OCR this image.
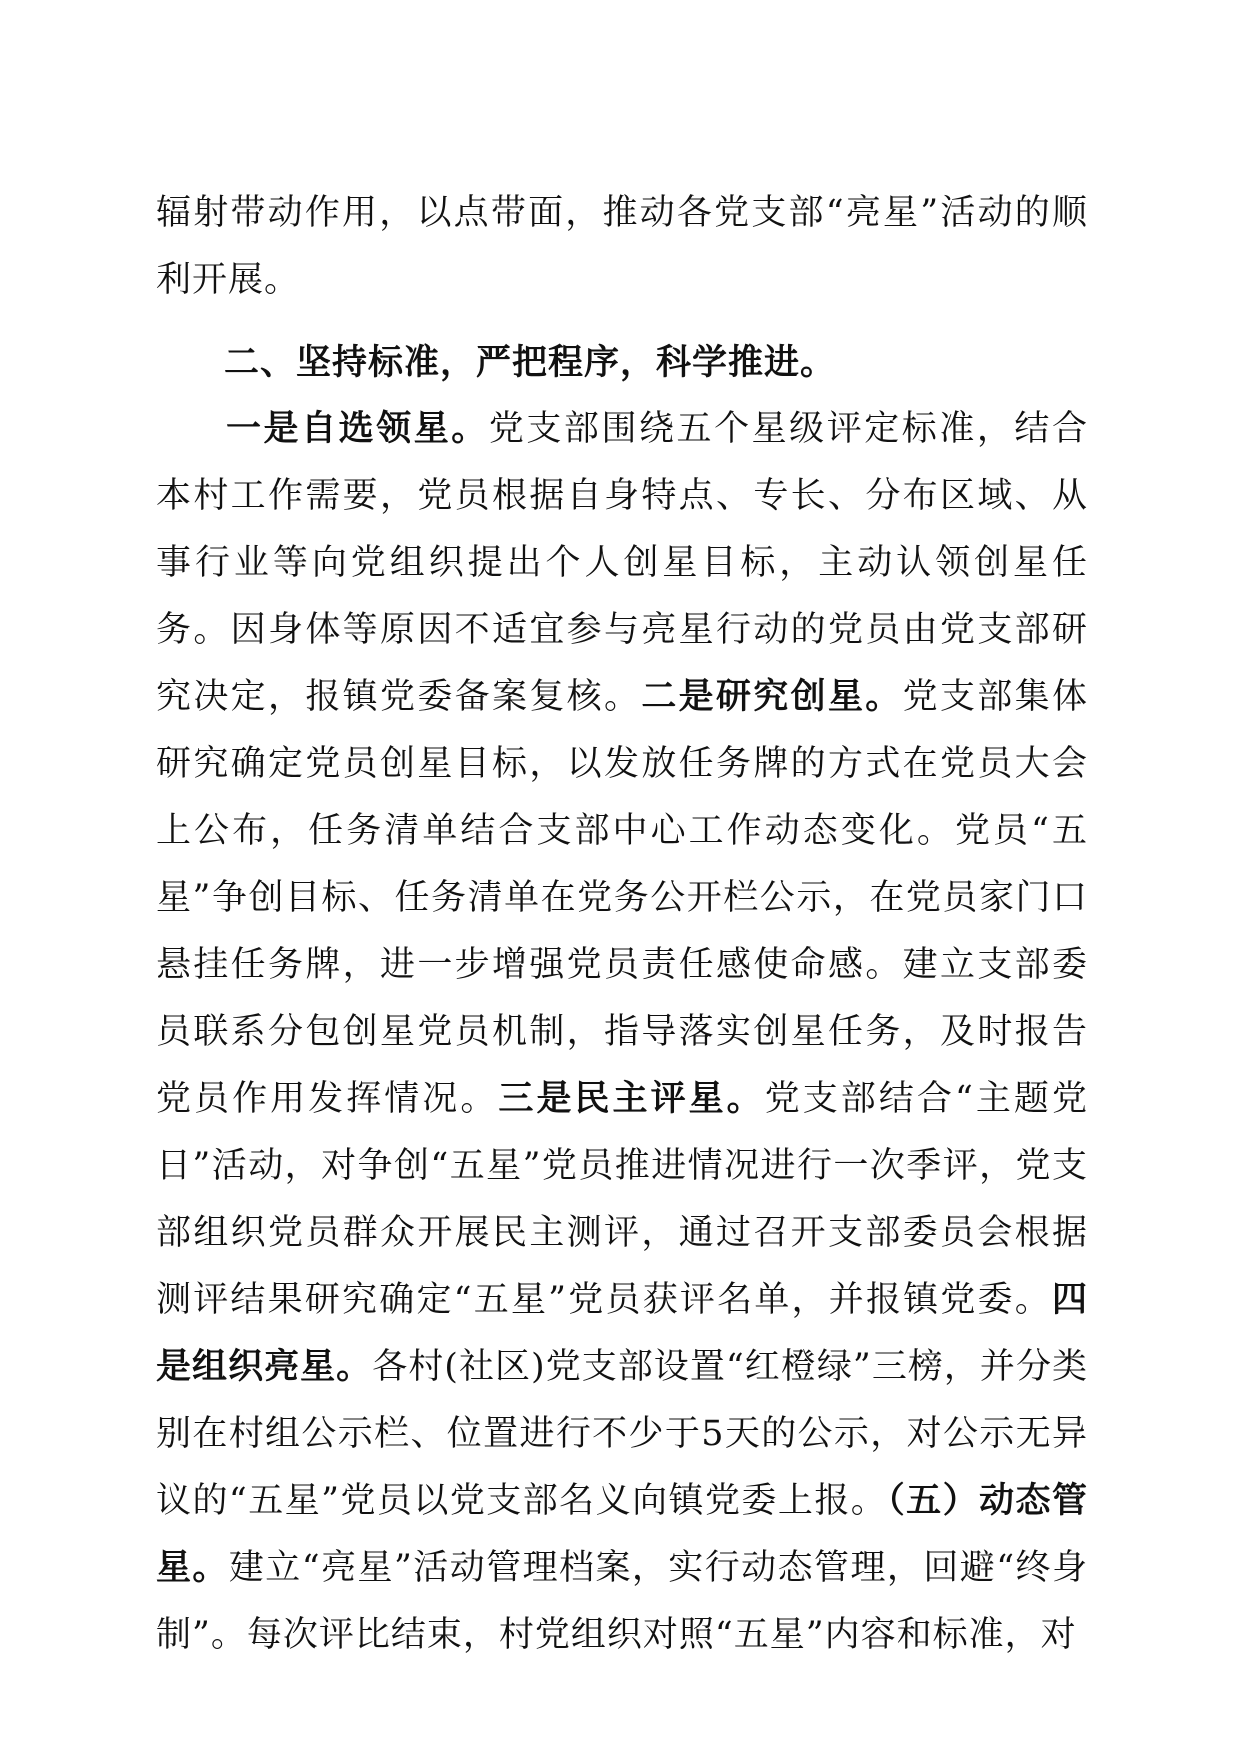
辐射带动作用，以点带面，推动各党支部“亮星”活动的顺利开展。
二、坚持标准，严把程序，科学推进。
一是自选领星。党支部围绕五个星级评定标准，结合本村工作需要，党员根据自身特点、专长、分布区域、从事行业等向党组织提出个人创星目标，主动认领创星任务。因身体等原因不适宜参与亮星行动的党员由党支部研究决定，报镇党委备案复核。二是研究创星。党支部集体研究确定党员创星目标，以发放任务牌的方式在党员大会上公布，任务清单结合支部中心工作动态变化。党员“五星”争创目标、任务清单在党务公开栏公示，在党员家门口悬挂任务牌，进一步增强党员责任感使命感。建立支部委员联系分包创星党员机制，指导落实创星任务，及时报告党员作用发挥情况。三是民主评星。党支部结合“主题党日”活动，对争创“五星”党员推进情况进行一次季评，党支部组织党员群众开展民主测评，通过召开支部委员会根据测评结果研究确定“五星”党员获评名单，并报镇党委。四是组织亮星。各村(社区)党支部设置“红橙绿”三榜，并分类别在村组公示栏、位置进行不少于5天的公示，对公示无异议的“五星”党员以党支部名义向镇党委上报。（五）动态管星。建立“亮星”活动管理档案，实行动态管理，回避“终身制”。每次评比结束，村党组织对照“五星”内容和标准，对
